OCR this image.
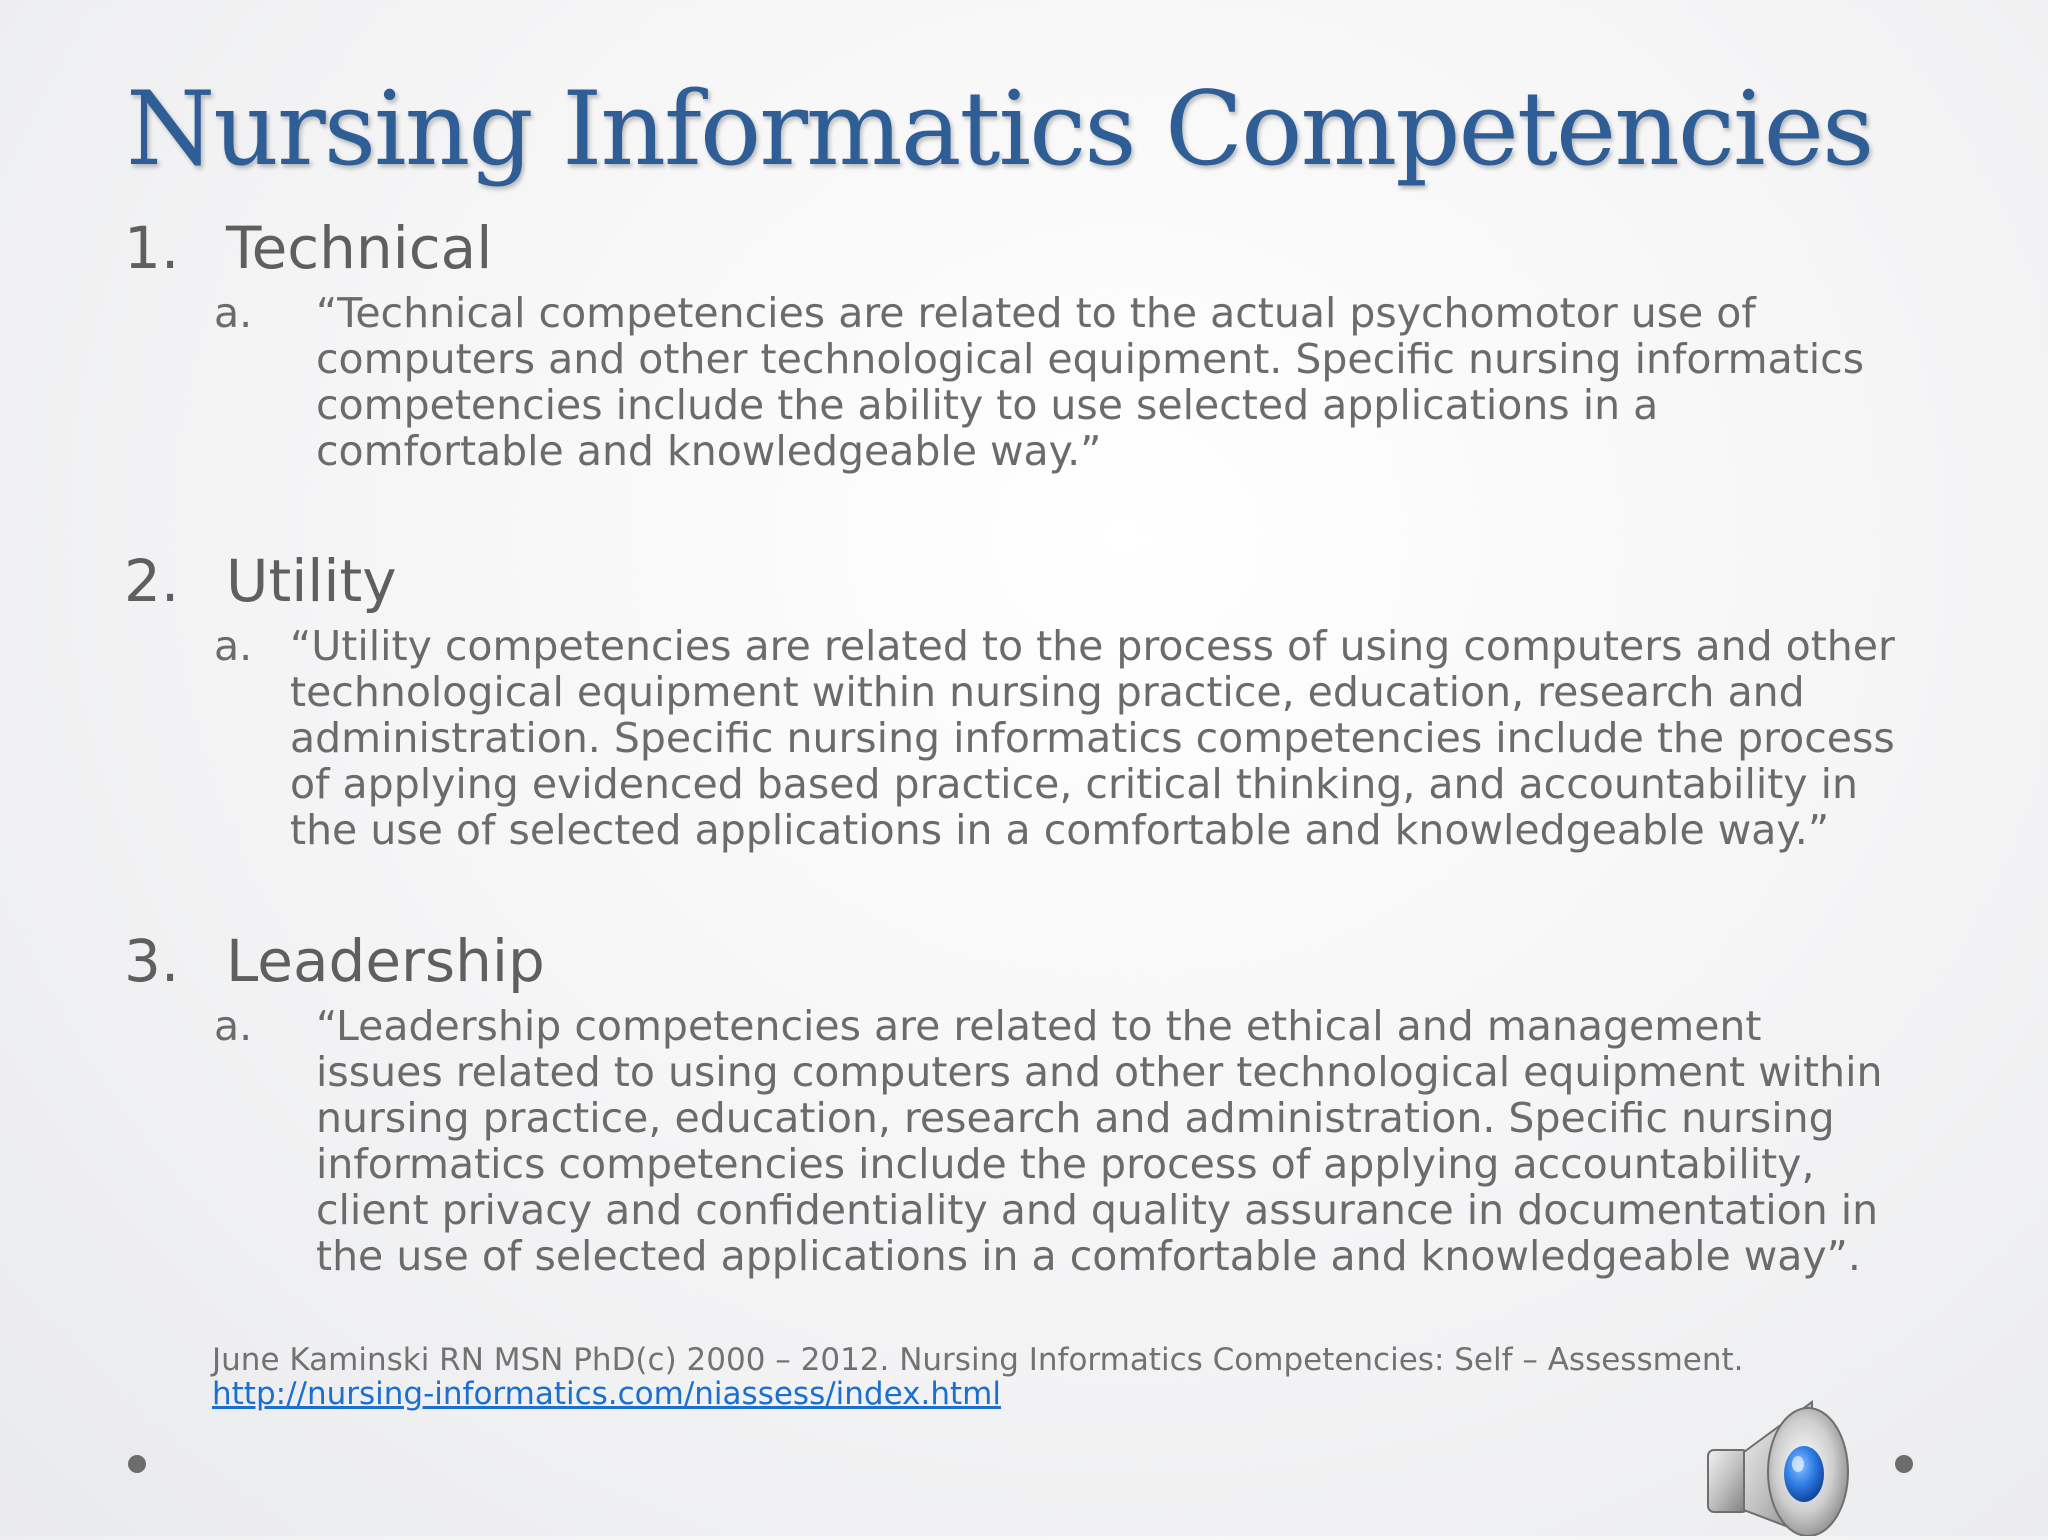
Nursing Informatics Competencies
1. Technical
a. “Technical competencies are related to the actual psychomotor use of
computers and other technological equipment. Specific nursing informatics
competencies include the ability to use selected applications in a
comfortable and knowledgeable way.”
2. Utility
a. “Utility competencies are related to the process of using computers and other
technological equipment within nursing practice, education, research and
administration. Specific nursing informatics competencies include the process
of applying evidenced based practice, critical thinking, and accountability in
the use of selected applications in a comfortable and knowledgeable way.”
3. Leadership
a. “Leadership competencies are related to the ethical and management
issues related to using computers and other technological equipment within
nursing practice, education, research and administration. Specific nursing
informatics competencies include the process of applying accountability,
client privacy and confidentiality and quality assurance in documentation in
the use of selected applications in a comfortable and knowledgeable way”.
June Kaminski RN MSN PhD(c) 2000 – 2012. Nursing Informatics Competencies: Self – Assessment. http://nursing-informatics.com/niassess/index.html
